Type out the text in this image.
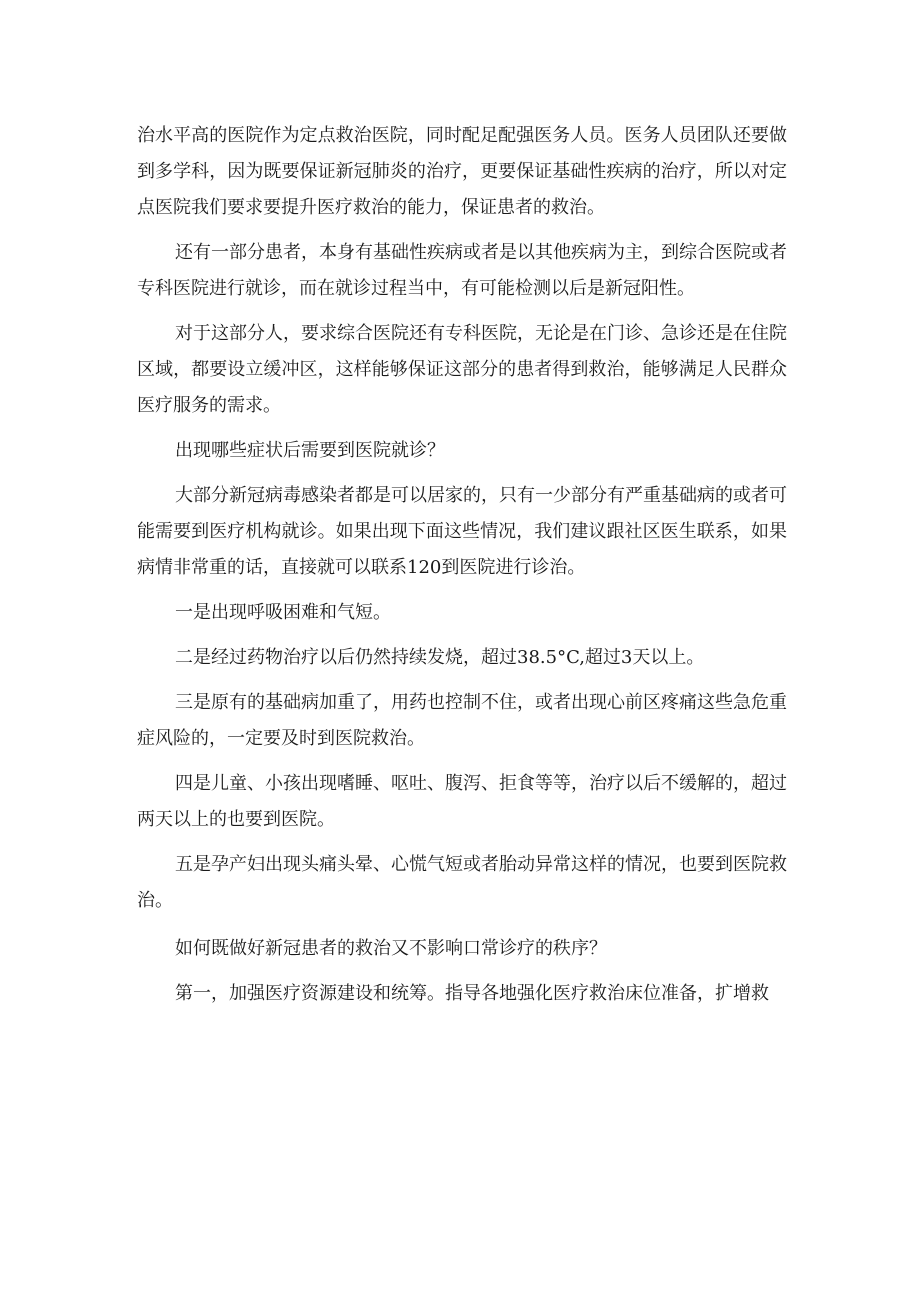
治水平高的医院作为定点救治医院，同时配足配强医务人员。医务人员团队还要做到多学科，因为既要保证新冠肺炎的治疗，更要保证基础性疾病的治疗，所以对定点医院我们要求要提升医疗救治的能力，保证患者的救治。

还有一部分患者，本身有基础性疾病或者是以其他疾病为主，到综合医院或者专科医院进行就诊，而在就诊过程当中，有可能检测以后是新冠阳性。

对于这部分人，要求综合医院还有专科医院，无论是在门诊、急诊还是在住院区域，都要设立缓冲区，这样能够保证这部分的患者得到救治，能够满足人民群众医疗服务的需求。

出现哪些症状后需要到医院就诊？

大部分新冠病毒感染者都是可以居家的，只有一少部分有严重基础病的或者可能需要到医疗机构就诊。如果出现下面这些情况，我们建议跟社区医生联系，如果病情非常重的话，直接就可以联系120到医院进行诊治。

一是出现呼吸困难和气短。

二是经过药物治疗以后仍然持续发烧，超过38.5°C,超过3天以上。

三是原有的基础病加重了，用药也控制不住，或者出现心前区疼痛这些急危重症风险的，一定要及时到医院救治。

四是儿童、小孩出现嗜睡、呕吐、腹泻、拒食等等，治疗以后不缓解的，超过两天以上的也要到医院。

五是孕产妇出现头痛头晕、心慌气短或者胎动异常这样的情况，也要到医院救治。

如何既做好新冠患者的救治又不影响口常诊疗的秩序？

第一，加强医疗资源建设和统筹。指导各地强化医疗救治床位准备，扩增救
